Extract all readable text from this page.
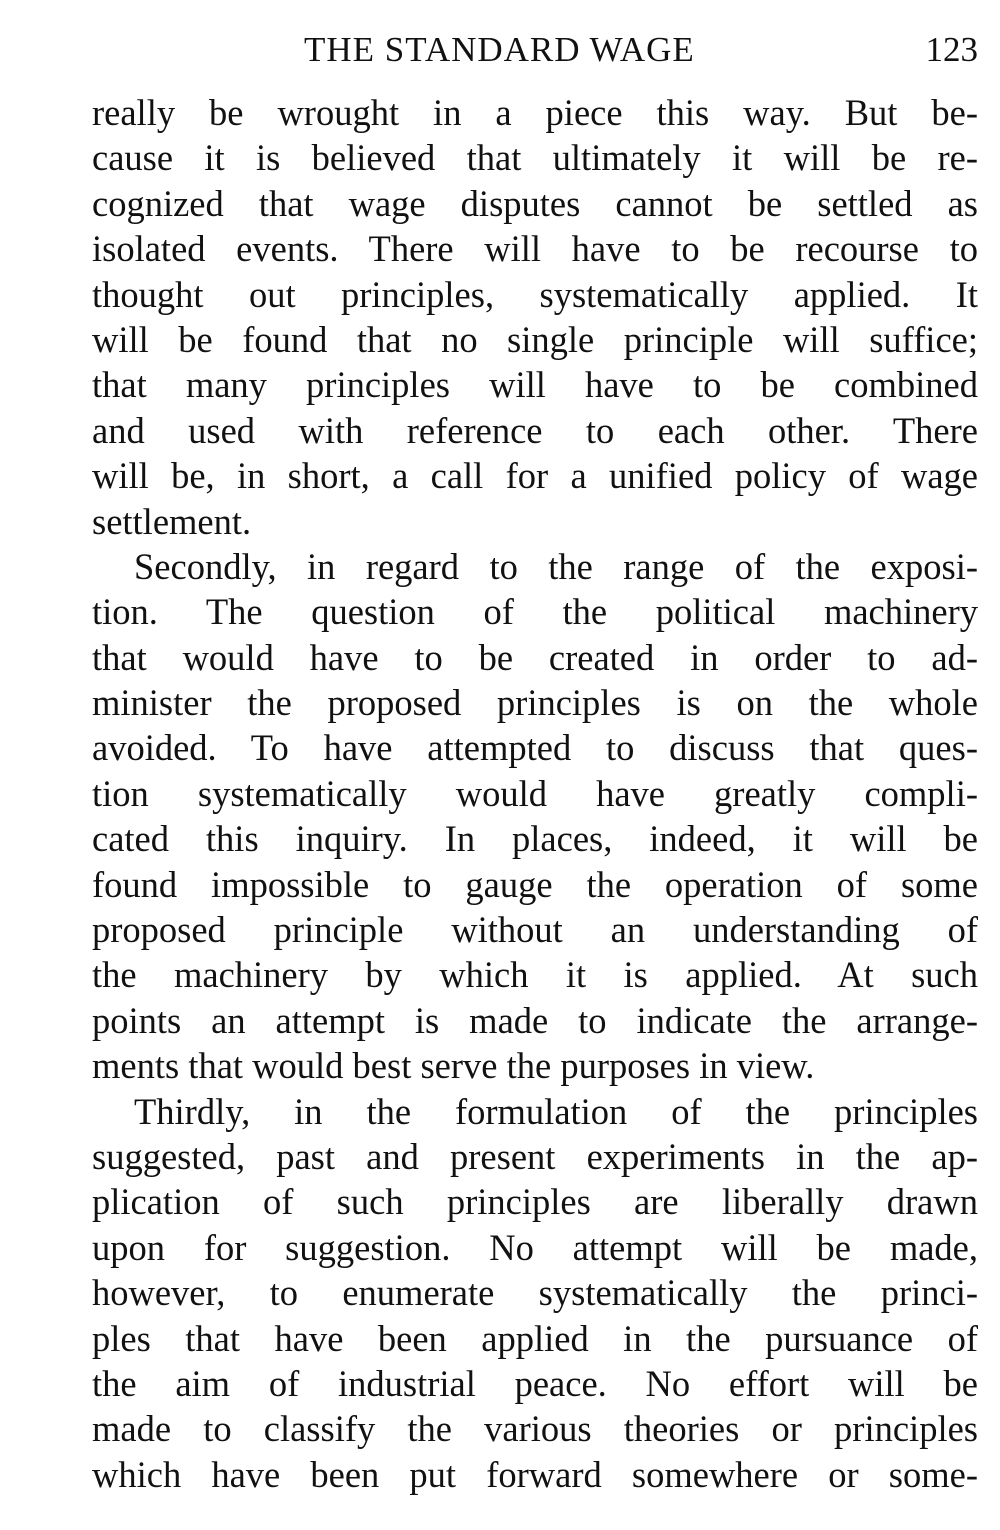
THE STANDARD WAGE	123
really be wrought in a piece this way. But be-
cause it is believed that ultimately it will be re-
cognized that wage disputes cannot be settled as
isolated events. There will have to be recourse to
thought out principles, systematically applied. It
will be found that no single principle will suffice;
that many principles will have to be combined
and used with reference to each other. There
will be, in short, a call for a unified policy of wage
settlement.
Secondly, in regard to the range of the exposi-
tion. The question of the political machinery
that would have to be created in order to ad-
minister the proposed principles is on the whole
avoided. To have attempted to discuss that ques-
tion systematically would have greatly compli-
cated this inquiry. In places, indeed, it will be
found impossible to gauge the operation of some
proposed principle without an understanding of
the machinery by which it is applied. At such
points an attempt is made to indicate the arrange-
ments that would best serve the purposes in view.
Thirdly, in the formulation of the principles
suggested, past and present experiments in the ap-
plication of such principles are liberally drawn
upon for suggestion. No attempt will be made,
however, to enumerate systematically the princi-
ples that have been applied in the pursuance of
the aim of industrial peace. No effort will be
made to classify the various theories or principles
which have been put forward somewhere or some-
